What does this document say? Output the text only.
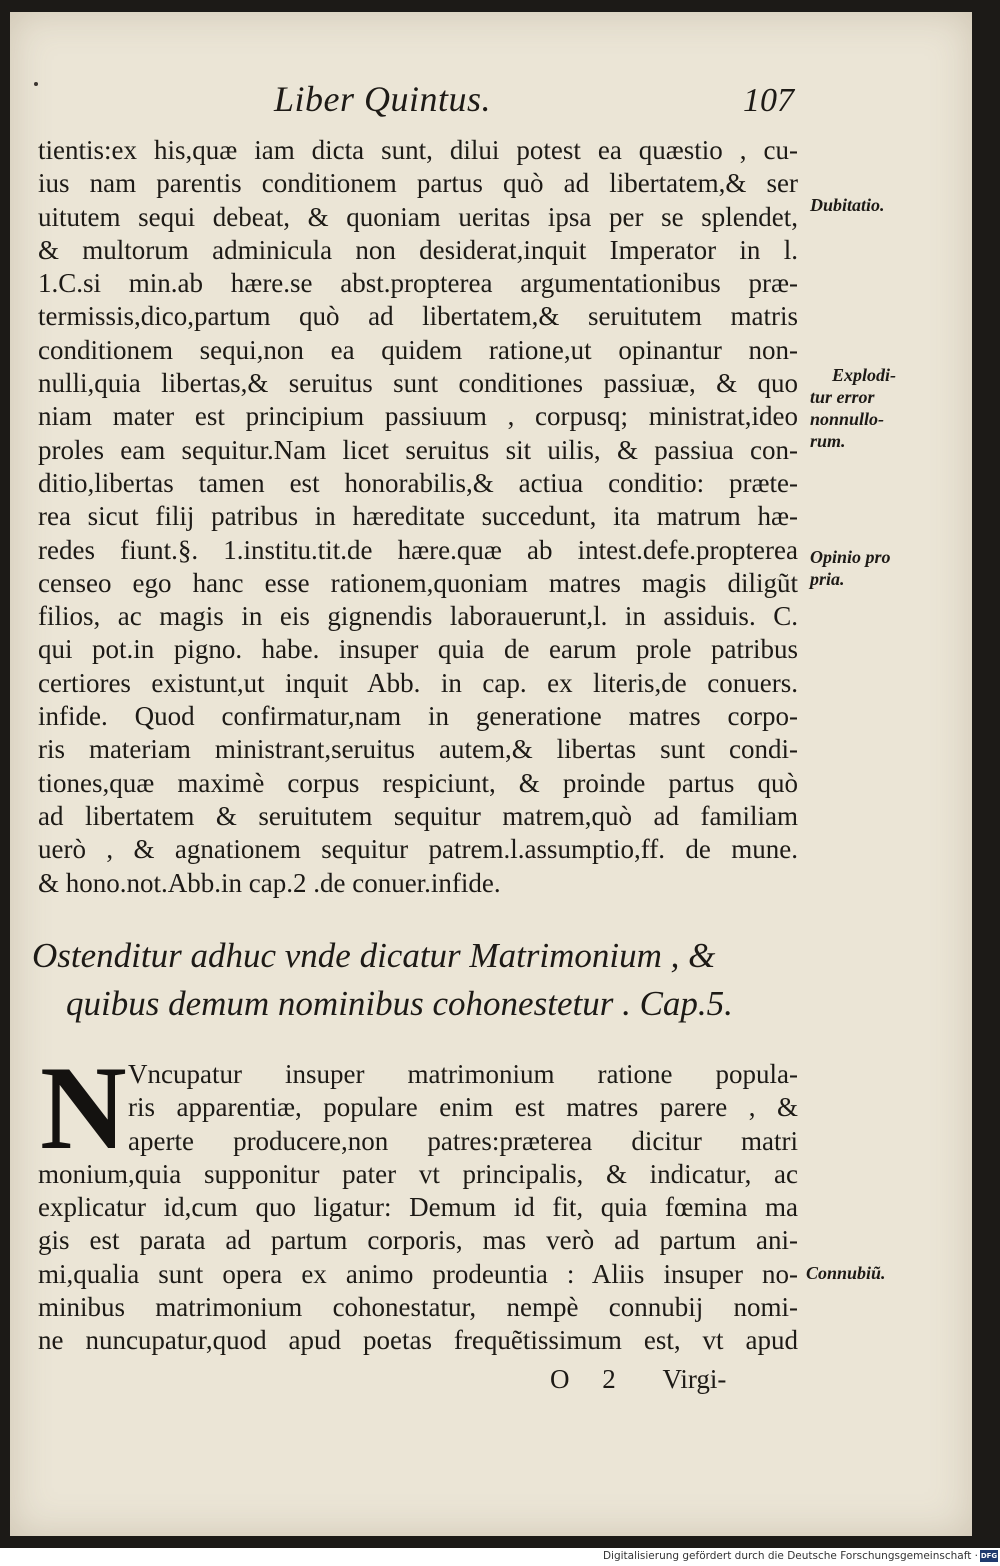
Liber Quintus.	107
tientis:ex his,quæ iam dicta sunt, dilui potest ea quæstio , cu-
ius nam parentis conditionem partus quò ad libertatem,& ser
uitutem sequi debeat, & quoniam ueritas ipsa per se splendet,
& multorum adminicula non desiderat,inquit Imperator in l.
1.C.si min.ab hære.se abst.propterea argumentationibus præ-
termissis,dico,partum quò ad libertatem,& seruitutem matris
conditionem sequi,non ea quidem ratione,ut opinantur non-
nulli,quia libertas,& seruitus sunt conditiones passiuæ, & quo
niam mater est principium passiuum , corpusq; ministrat,ideo
proles eam sequitur.Nam licet seruitus sit uilis, & passiua con-
ditio,libertas tamen est honorabilis,& actiua conditio: præte-
rea sicut filij patribus in hæreditate succedunt, ita matrum hæ-
redes fiunt.§. 1.institu.tit.de hære.quæ ab intest.defe.propterea
censeo ego hanc esse rationem,quoniam matres magis diligũt
filios, ac magis in eis gignendis laborauerunt,l. in assiduis. C.
qui pot.in pigno. habe. insuper quia de earum prole patribus
certiores existunt,ut inquit Abb. in cap. ex literis,de conuers.
infide. Quod confirmatur,nam in generatione matres corpo-
ris materiam ministrant,seruitus autem,& libertas sunt condi-
tiones,quæ maximè corpus respiciunt, & proinde partus quò
ad libertatem & seruitutem sequitur matrem,quò ad familiam
uerò , & agnationem sequitur patrem.l.assumptio,ff. de mune.
& hono.not.Abb.in cap.2 .de conuer.infide.
Dubitatio.
Explodi-
tur error
nonnullo-
rum.
Opinio pro
pria.
Ostenditur adhuc vnde dicatur Matrimonium , &
quibus demum nominibus cohonestetur . Cap.5.
N Vncupatur insuper matrimonium ratione popula-
ris apparentiæ, populare enim est matres parere , &
aperte producere,non patres:præterea dicitur matri
monium,quia supponitur pater vt principalis, & indicatur, ac
explicatur id,cum quo ligatur: Demum id fit, quia fœmina ma
gis est parata ad partum corporis, mas verò ad partum ani-
mi,qualia sunt opera ex animo prodeuntia : Aliis insuper no-
minibus matrimonium cohonestatur, nempè connubij nomi-
ne nuncupatur,quod apud poetas frequẽtissimum est, vt apud
Connubiũ.
O 2 Virgi-
Digitalisierung gefördert durch die Deutsche Forschungsgemeinschaft · DFG
